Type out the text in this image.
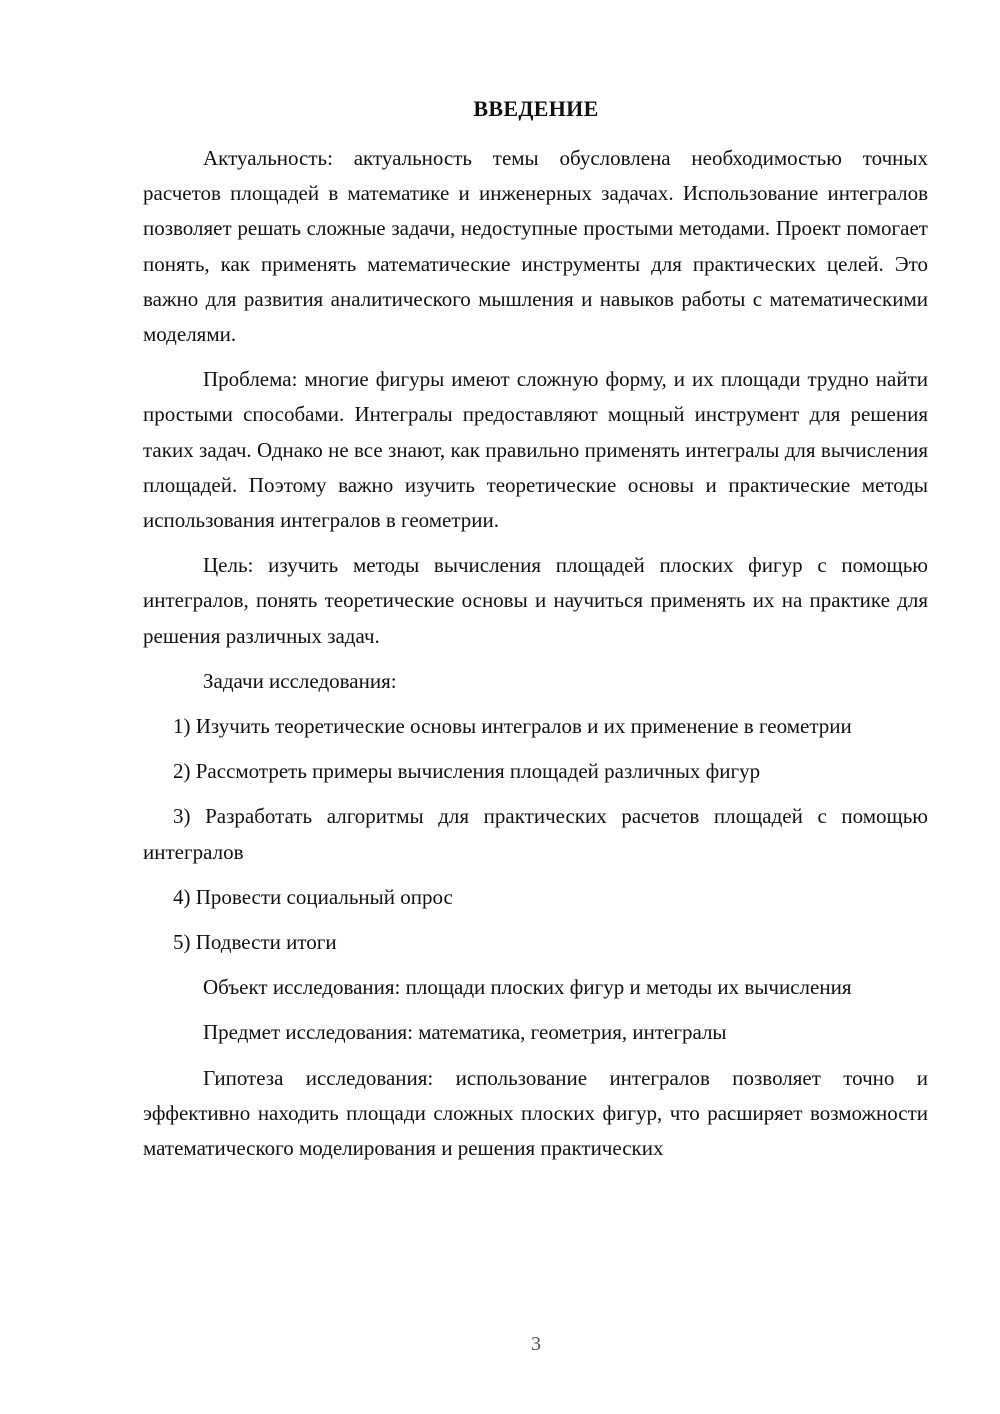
ВВЕДЕНИЕ

Актуальность: актуальность темы обусловлена необходимостью точных расчетов площадей в математике и инженерных задачах. Использование интегралов позволяет решать сложные задачи, недоступные простыми методами. Проект помогает понять, как применять математические инструменты для практических целей. Это важно для развития аналитического мышления и навыков работы с математическими моделями.

Проблема: многие фигуры имеют сложную форму, и их площади трудно найти простыми способами. Интегралы предоставляют мощный инструмент для решения таких задач. Однако не все знают, как правильно применять интегралы для вычисления площадей. Поэтому важно изучить теоретические основы и практические методы использования интегралов в геометрии.

Цель: изучить методы вычисления площадей плоских фигур с помощью интегралов, понять теоретические основы и научиться применять их на практике для решения различных задач.

Задачи исследования:

1) Изучить теоретические основы интегралов и их применение в геометрии

2) Рассмотреть примеры вычисления площадей различных фигур

3) Разработать алгоритмы для практических расчетов площадей с помощью интегралов

4) Провести социальный опрос

5) Подвести итоги

Объект исследования: площади плоских фигур и методы их вычисления

Предмет исследования: математика, геометрия, интегралы

Гипотеза исследования: использование интегралов позволяет точно и эффективно находить площади сложных плоских фигур, что расширяет возможности математического моделирования и решения практических

3
